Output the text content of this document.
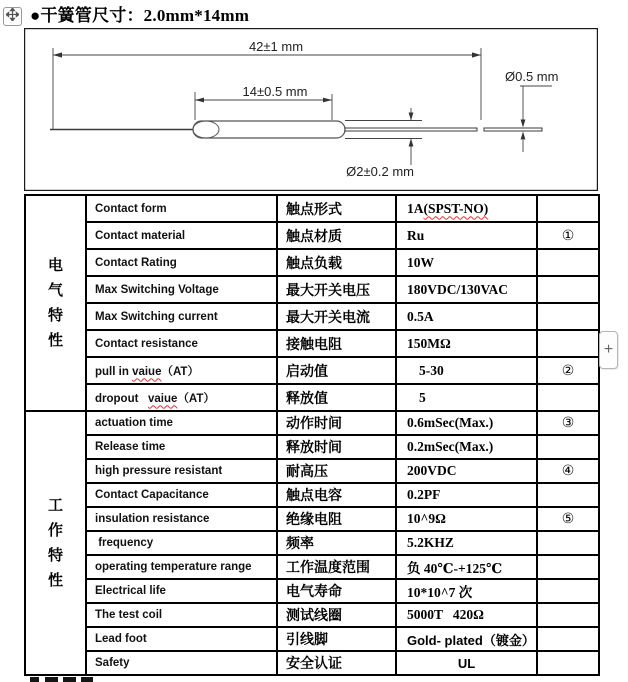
●干簧管尺寸：2.0mm*14mm
42±1 mm
14±0.5 mm
Ø2±0.2 mm
Ø0.5 mm
电
气
特
性	Contact form	触点形式	1A(SPST-NO)	
	Contact material	触点材质	Ru	①
	Contact Rating	触点负载	10W	
	Max Switching Voltage	最大开关电压	180VDC/130VAC	
	Max Switching current	最大开关电流	0.5A	
	Contact resistance	接触电阻	150MΩ	
	pull in vaiue（AT）	启动值	5-30	②
	dropout   vaiue（AT）	释放值	5	

工
作
特
性	actuation time	动作时间	0.6mSec(Max.)	③
	Release time	释放时间	0.2mSec(Max.)	
	high pressure resistant	耐高压	200VDC	④
	Contact Capacitance	触点电容	0.2PF	
	insulation resistance	绝缘电阻	10^9Ω	⑤
	frequency	频率	5.2KHZ	
	operating temperature range	工作温度范围	负 40℃-+125℃	
	Electrical life	电气寿命	10*10^7 次	
	The test coil	测试线圈	5000T   420Ω	
	Lead foot	引线脚	Gold- plated（镀金）	
	Safety	安全认证	UL	
+
